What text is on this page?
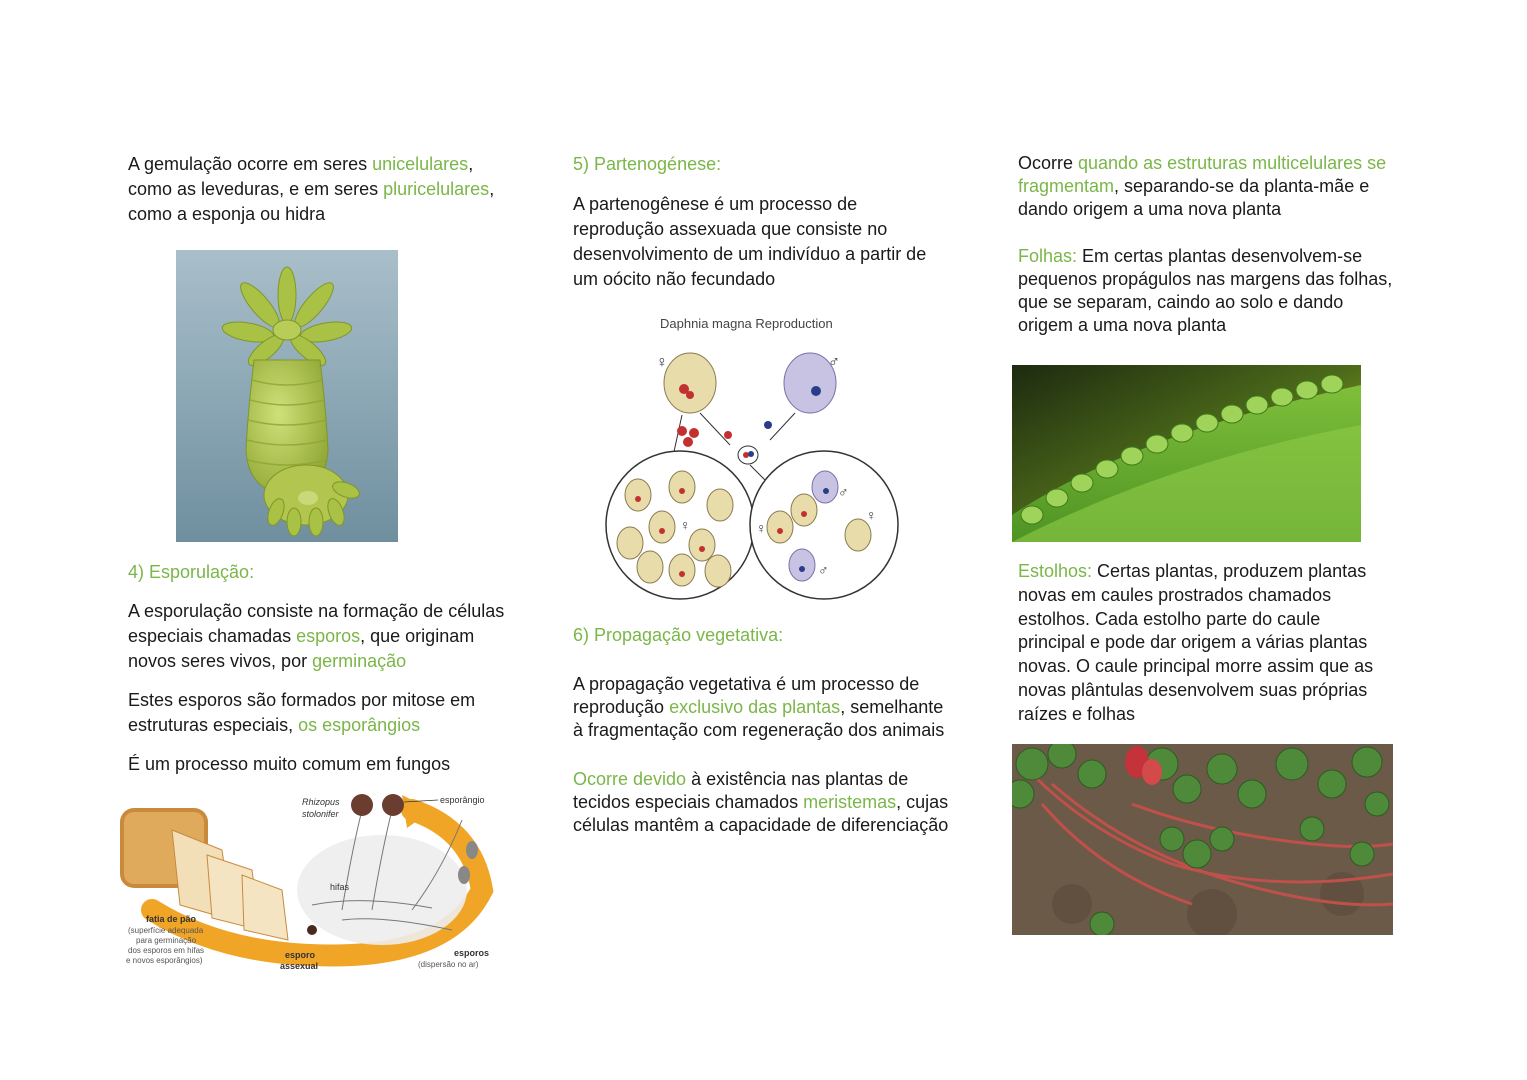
A gemulação ocorre em seres unicelulares,
como as leveduras, e em seres pluricelulares,
como a esponja ou hidra

4) Esporulação:

A esporulação consiste na formação de células
especiais chamadas esporos, que originam
novos seres vivos, por germinação

Estes esporos são formados por mitose em
estruturas especiais, os esporângios

É um processo muito comum em fungos

Rhizopus
stolonifer
esporângio
hifas
fatia de pão
(superfície adequada
para germinação
dos esporos em hifas
e novos esporângios)
esporo
assexual
esporos
(dispersão no ar)

5) Partenogénese:

A partenogênese é um processo de
reprodução assexuada que consiste no
desenvolvimento de um indivíduo a partir de
um oócito não fecundado

Daphnia magna Reproduction
♀	♂
♀
♂
♀
♀
♂

6) Propagação vegetativa:

A propagação vegetativa é um processo de
reprodução exclusivo das plantas, semelhante
à fragmentação com regeneração dos animais

Ocorre devido à existência nas plantas de
tecidos especiais chamados meristemas, cujas
células mantêm a capacidade de diferenciação

Ocorre quando as estruturas multicelulares se
fragmentam, separando-se da planta-mãe e
dando origem a uma nova planta

Folhas: Em certas plantas desenvolvem-se
pequenos propágulos nas margens das folhas,
que se separam, caindo ao solo e dando
origem a uma nova planta

Estolhos: Certas plantas, produzem plantas
novas em caules prostrados chamados
estolhos. Cada estolho parte do caule
principal e pode dar origem a várias plantas
novas. O caule principal morre assim que as
novas plântulas desenvolvem suas próprias
raízes e folhas
